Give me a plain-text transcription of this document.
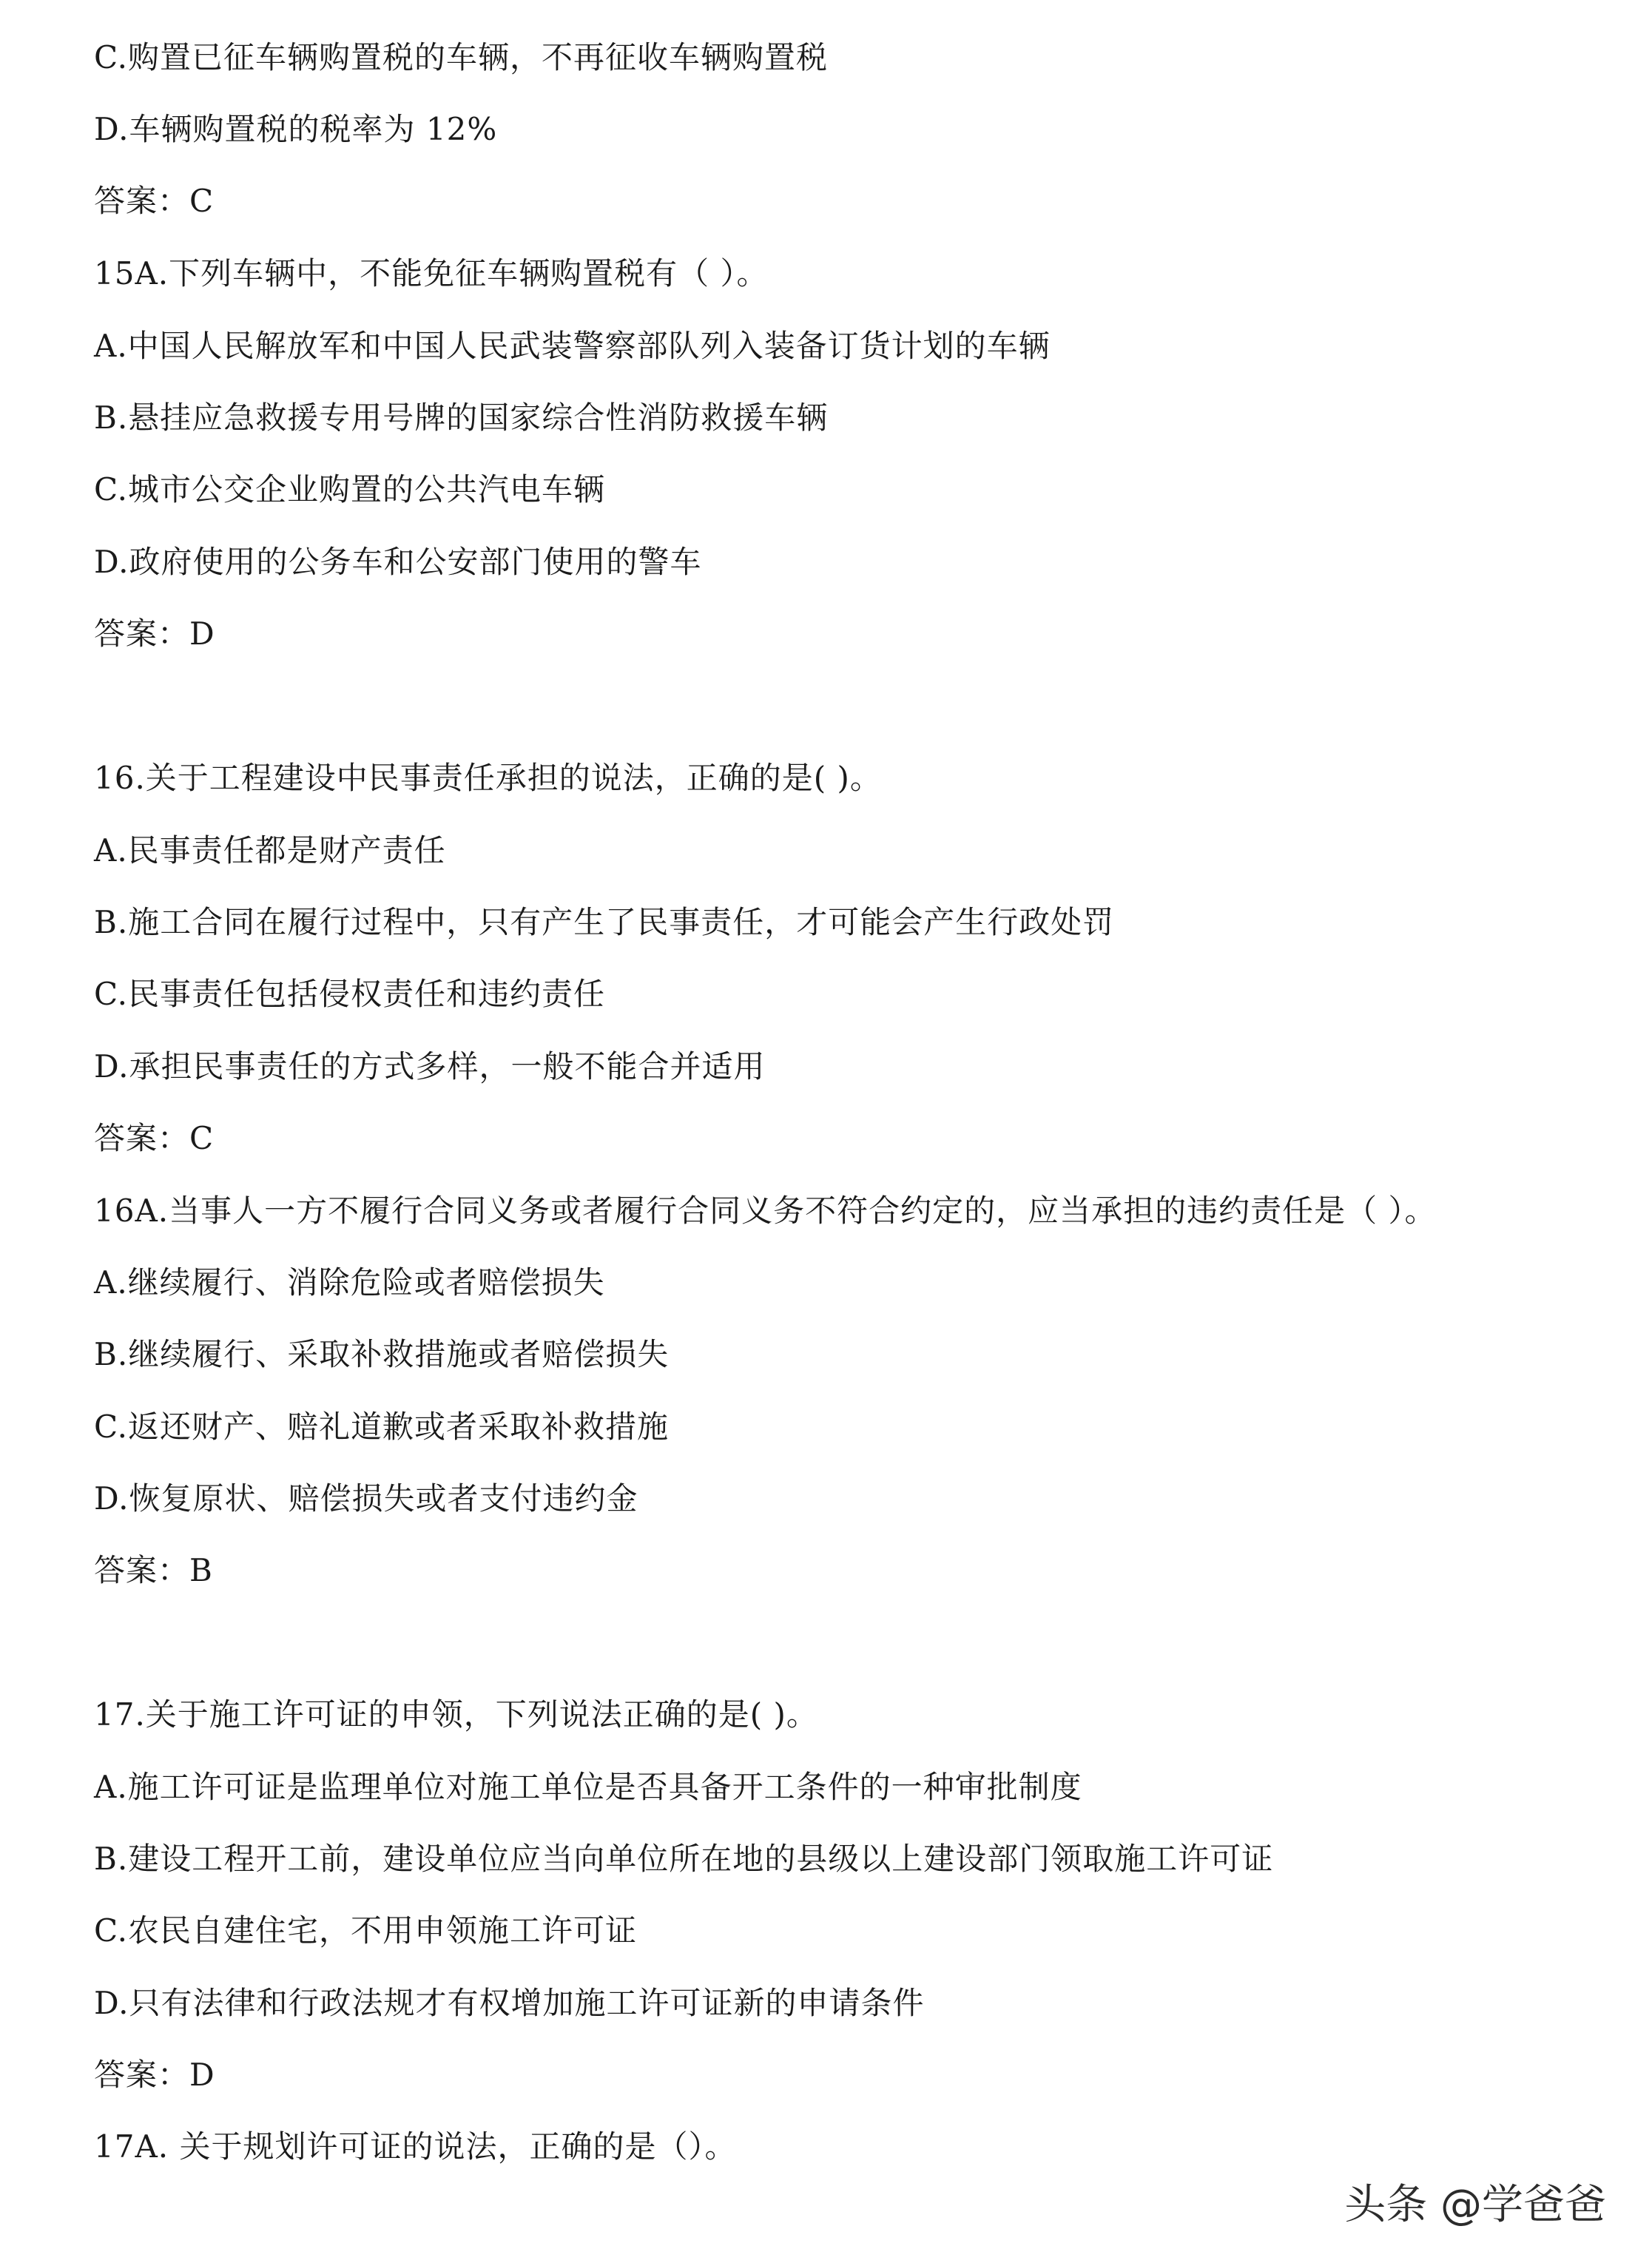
C.购置已征车辆购置税的车辆，不再征收车辆购置税
D.车辆购置税的税率为 12%
答案：C
15A.下列车辆中，不能免征车辆购置税有（ ）。
A.中国人民解放军和中国人民武装警察部队列入装备订货计划的车辆
B.悬挂应急救援专用号牌的国家综合性消防救援车辆
C.城市公交企业购置的公共汽电车辆
D.政府使用的公务车和公安部门使用的警车
答案：D
16.关于工程建设中民事责任承担的说法，正确的是( )。
A.民事责任都是财产责任
B.施工合同在履行过程中，只有产生了民事责任，才可能会产生行政处罚
C.民事责任包括侵权责任和违约责任
D.承担民事责任的方式多样，一般不能合并适用
答案：C
16A.当事人一方不履行合同义务或者履行合同义务不符合约定的，应当承担的违约责任是（ ）。
A.继续履行、消除危险或者赔偿损失
B.继续履行、采取补救措施或者赔偿损失
C.返还财产、赔礼道歉或者采取补救措施
D.恢复原状、赔偿损失或者支付违约金
答案：B
17.关于施工许可证的申领，下列说法正确的是( )。
A.施工许可证是监理单位对施工单位是否具备开工条件的一种审批制度
B.建设工程开工前，建设单位应当向单位所在地的县级以上建设部门领取施工许可证
C.农民自建住宅，不用申领施工许可证
D.只有法律和行政法规才有权增加施工许可证新的申请条件
答案：D
17A. 关于规划许可证的说法，正确的是（）。
头条 @学爸爸
